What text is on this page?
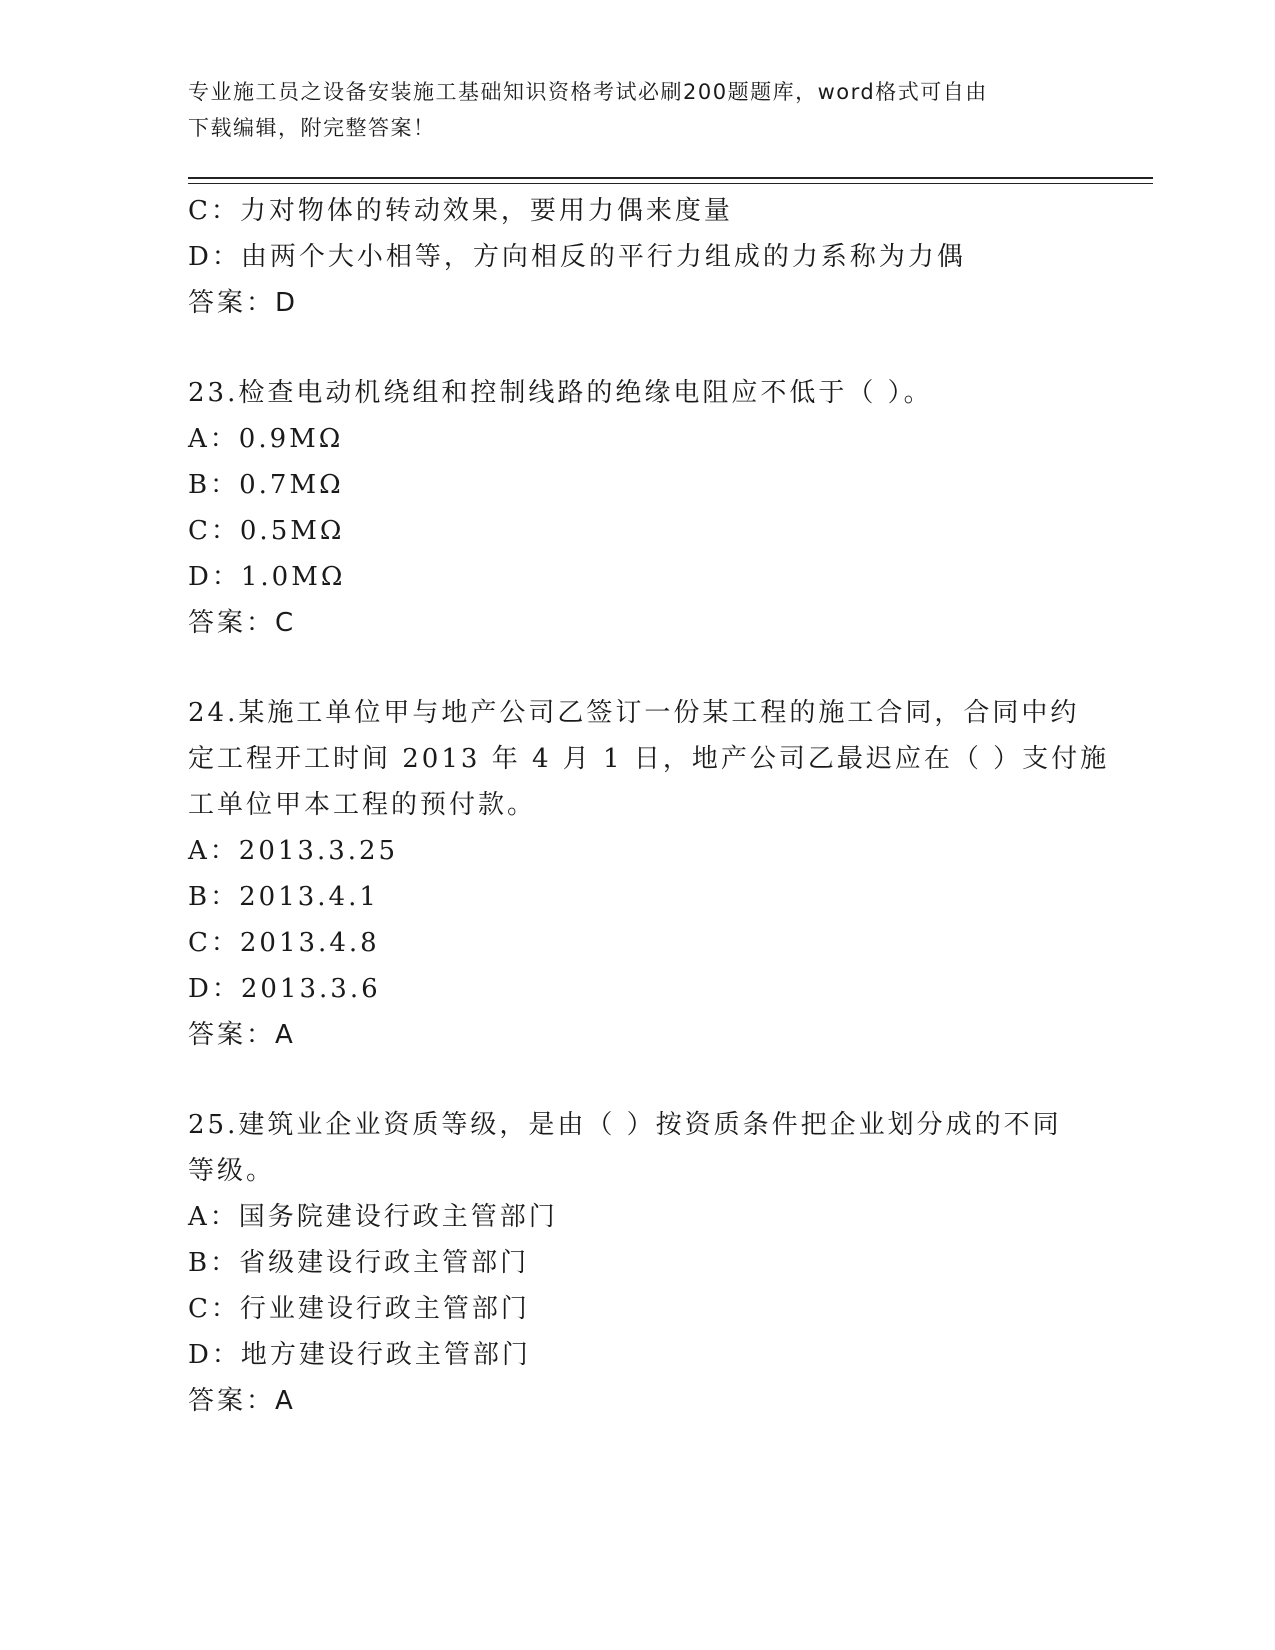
专业施工员之设备安装施工基础知识资格考试必刷200题题库，word格式可自由
下载编辑，附完整答案！
C：力对物体的转动效果，要用力偶来度量
D：由两个大小相等，方向相反的平行力组成的力系称为力偶
答案：D
23.检查电动机绕组和控制线路的绝缘电阻应不低于（ ）。
A：0.9MΩ
B：0.7MΩ
C：0.5MΩ
D：1.0MΩ
答案：C
24.某施工单位甲与地产公司乙签订一份某工程的施工合同，合同中约
定工程开工时间 2013 年 4 月 1 日，地产公司乙最迟应在（ ）支付施
工单位甲本工程的预付款。
A：2013.3.25
B：2013.4.1
C：2013.4.8
D：2013.3.6
答案：A
25.建筑业企业资质等级，是由（ ）按资质条件把企业划分成的不同
等级。
A：国务院建设行政主管部门
B：省级建设行政主管部门
C：行业建设行政主管部门
D：地方建设行政主管部门
答案：A
